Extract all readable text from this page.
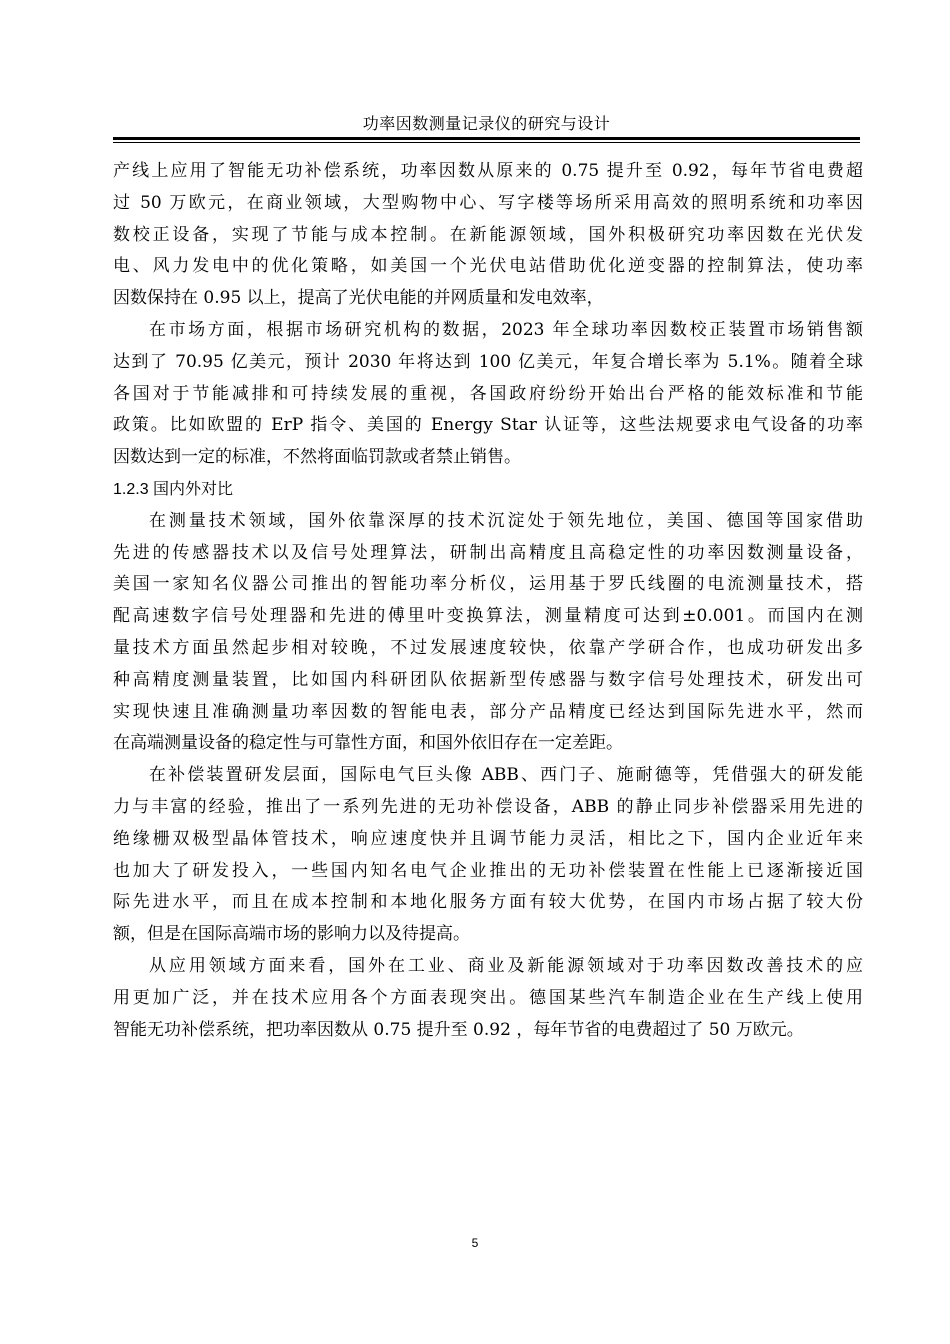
功率因数测量记录仪的研究与设计
产线上应用了智能无功补偿系统，功率因数从原来的 0.75 提升至 0.92，每年节省电费超
过 50 万欧元，在商业领域，大型购物中心、写字楼等场所采用高效的照明系统和功率因
数校正设备，实现了节能与成本控制。在新能源领域，国外积极研究功率因数在光伏发
电、风力发电中的优化策略，如美国一个光伏电站借助优化逆变器的控制算法，使功率
因数保持在 0.95 以上，提高了光伏电能的并网质量和发电效率，
在市场方面，根据市场研究机构的数据，2023 年全球功率因数校正装置市场销售额
达到了 70.95 亿美元，预计 2030 年将达到 100 亿美元，年复合增长率为 5.1%。随着全球
各国对于节能减排和可持续发展的重视，各国政府纷纷开始出台严格的能效标准和节能
政策。比如欧盟的 ErP 指令、美国的 Energy Star 认证等，这些法规要求电气设备的功率
因数达到一定的标准，不然将面临罚款或者禁止销售。
1.2.3 国内外对比
在测量技术领域，国外依靠深厚的技术沉淀处于领先地位，美国、德国等国家借助
先进的传感器技术以及信号处理算法，研制出高精度且高稳定性的功率因数测量设备，
美国一家知名仪器公司推出的智能功率分析仪，运用基于罗氏线圈的电流测量技术，搭
配高速数字信号处理器和先进的傅里叶变换算法，测量精度可达到±0.001。而国内在测
量技术方面虽然起步相对较晚，不过发展速度较快，依靠产学研合作，也成功研发出多
种高精度测量装置，比如国内科研团队依据新型传感器与数字信号处理技术，研发出可
实现快速且准确测量功率因数的智能电表，部分产品精度已经达到国际先进水平，然而
在高端测量设备的稳定性与可靠性方面，和国外依旧存在一定差距。
在补偿装置研发层面，国际电气巨头像 ABB、西门子、施耐德等，凭借强大的研发能
力与丰富的经验，推出了一系列先进的无功补偿设备，ABB 的静止同步补偿器采用先进的
绝缘栅双极型晶体管技术，响应速度快并且调节能力灵活，相比之下，国内企业近年来
也加大了研发投入，一些国内知名电气企业推出的无功补偿装置在性能上已逐渐接近国
际先进水平，而且在成本控制和本地化服务方面有较大优势，在国内市场占据了较大份
额，但是在国际高端市场的影响力以及待提高。
从应用领域方面来看，国外在工业、商业及新能源领域对于功率因数改善技术的应
用更加广泛，并在技术应用各个方面表现突出。德国某些汽车制造企业在生产线上使用
智能无功补偿系统，把功率因数从 0.75 提升至 0.92 ，每年节省的电费超过了 50 万欧元。
5
